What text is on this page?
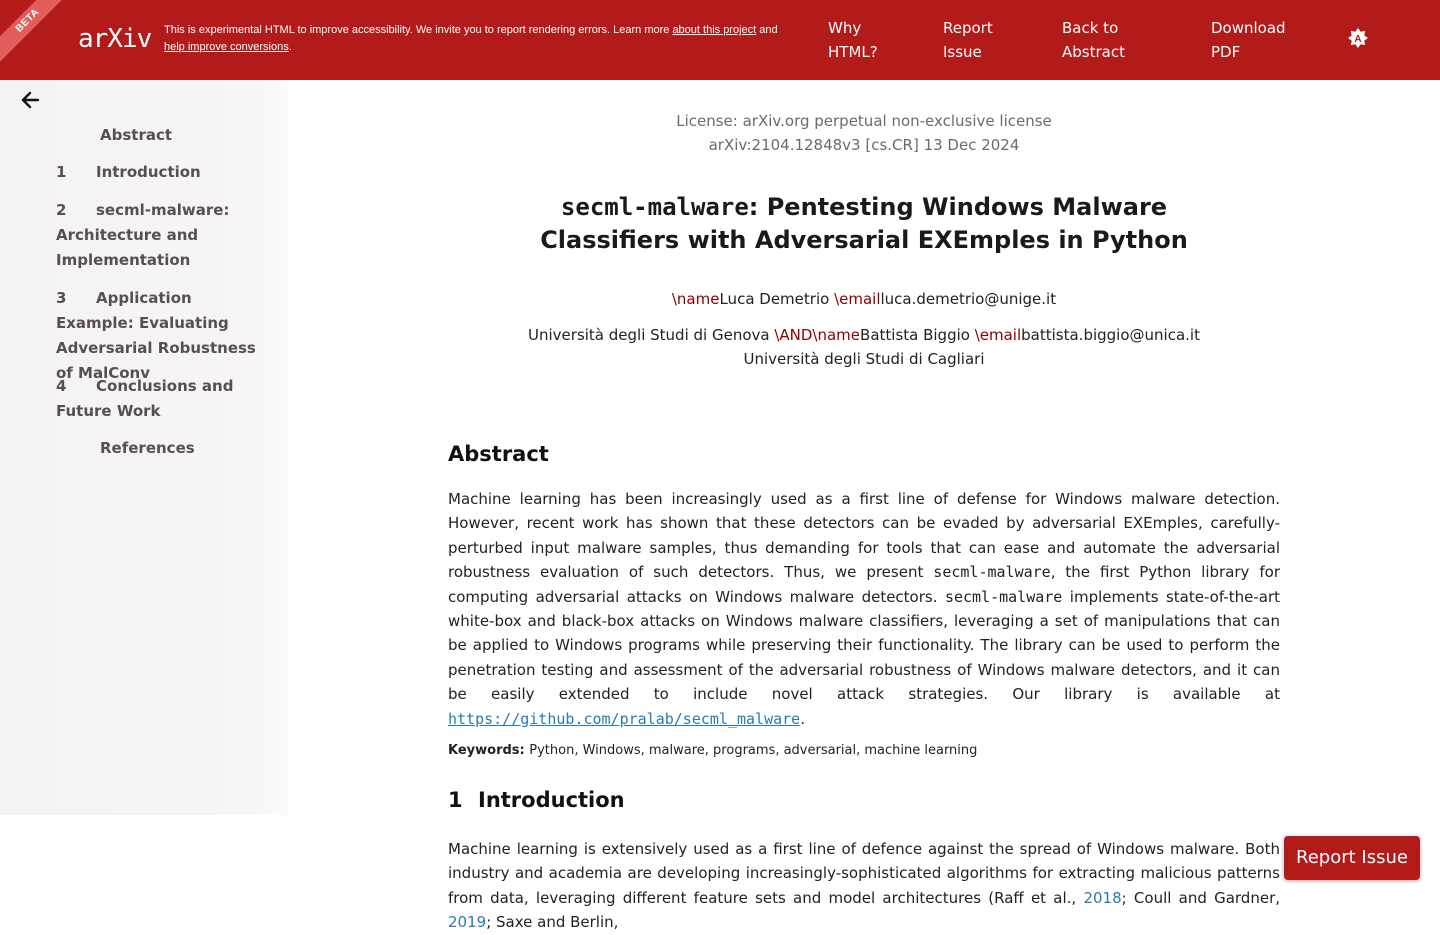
BETA
arXiv This is experimental HTML to improve accessibility. We invite you to report rendering errors. Learn more about this project and
help improve conversions.
Why HTML?
Report Issue
Back to Abstract
Download PDF
A
Abstract
1 Introduction
2 secml-malware: Architecture and Implementation
3 Application Example: Evaluating Adversarial Robustness of MalConv
4 Conclusions and Future Work
References
License: arXiv.org perpetual non-exclusive license
arXiv:2104.12848v3 [cs.CR] 13 Dec 2024
secml-malware: Pentesting Windows Malware Classifiers with Adversarial EXEmples in Python
\nameLuca Demetrio \emailluca.demetrio@unige.it
Università degli Studi di Genova \AND\nameBattista Biggio \emailbattista.biggio@unica.it
Università degli Studi di Cagliari
Abstract

Machine learning has been increasingly used as a first line of defense for Windows malware detection. However, recent work has shown that these detectors can be evaded by adversarial EXEmples, carefully-perturbed input malware samples, thus demanding for tools that can ease and automate the adversarial robustness evaluation of such detectors. Thus, we present secml-malware, the first Python library for computing adversarial attacks on Windows malware detectors. secml-malware implements state-of-the-art white-box and black-box attacks on Windows malware classifiers, leveraging a set of manipulations that can be applied to Windows programs while preserving their functionality. The library can be used to perform the penetration testing and assessment of the adversarial robustness of Windows malware detectors, and it can be easily extended to include novel attack strategies. Our library is available at https://github.com/pralab/secml_malware.

Keywords: Python, Windows, malware, programs, adversarial, machine learning
1 Introduction

Machine learning is extensively used as a first line of defence against the spread of Windows malware. Both industry and academia are developing increasingly-sophisticated algorithms for extracting malicious patterns from data, leveraging different feature sets and model architectures (Raff et al., 2018; Coull and Gardner, 2019; Saxe and Berlin,

Report Issue
